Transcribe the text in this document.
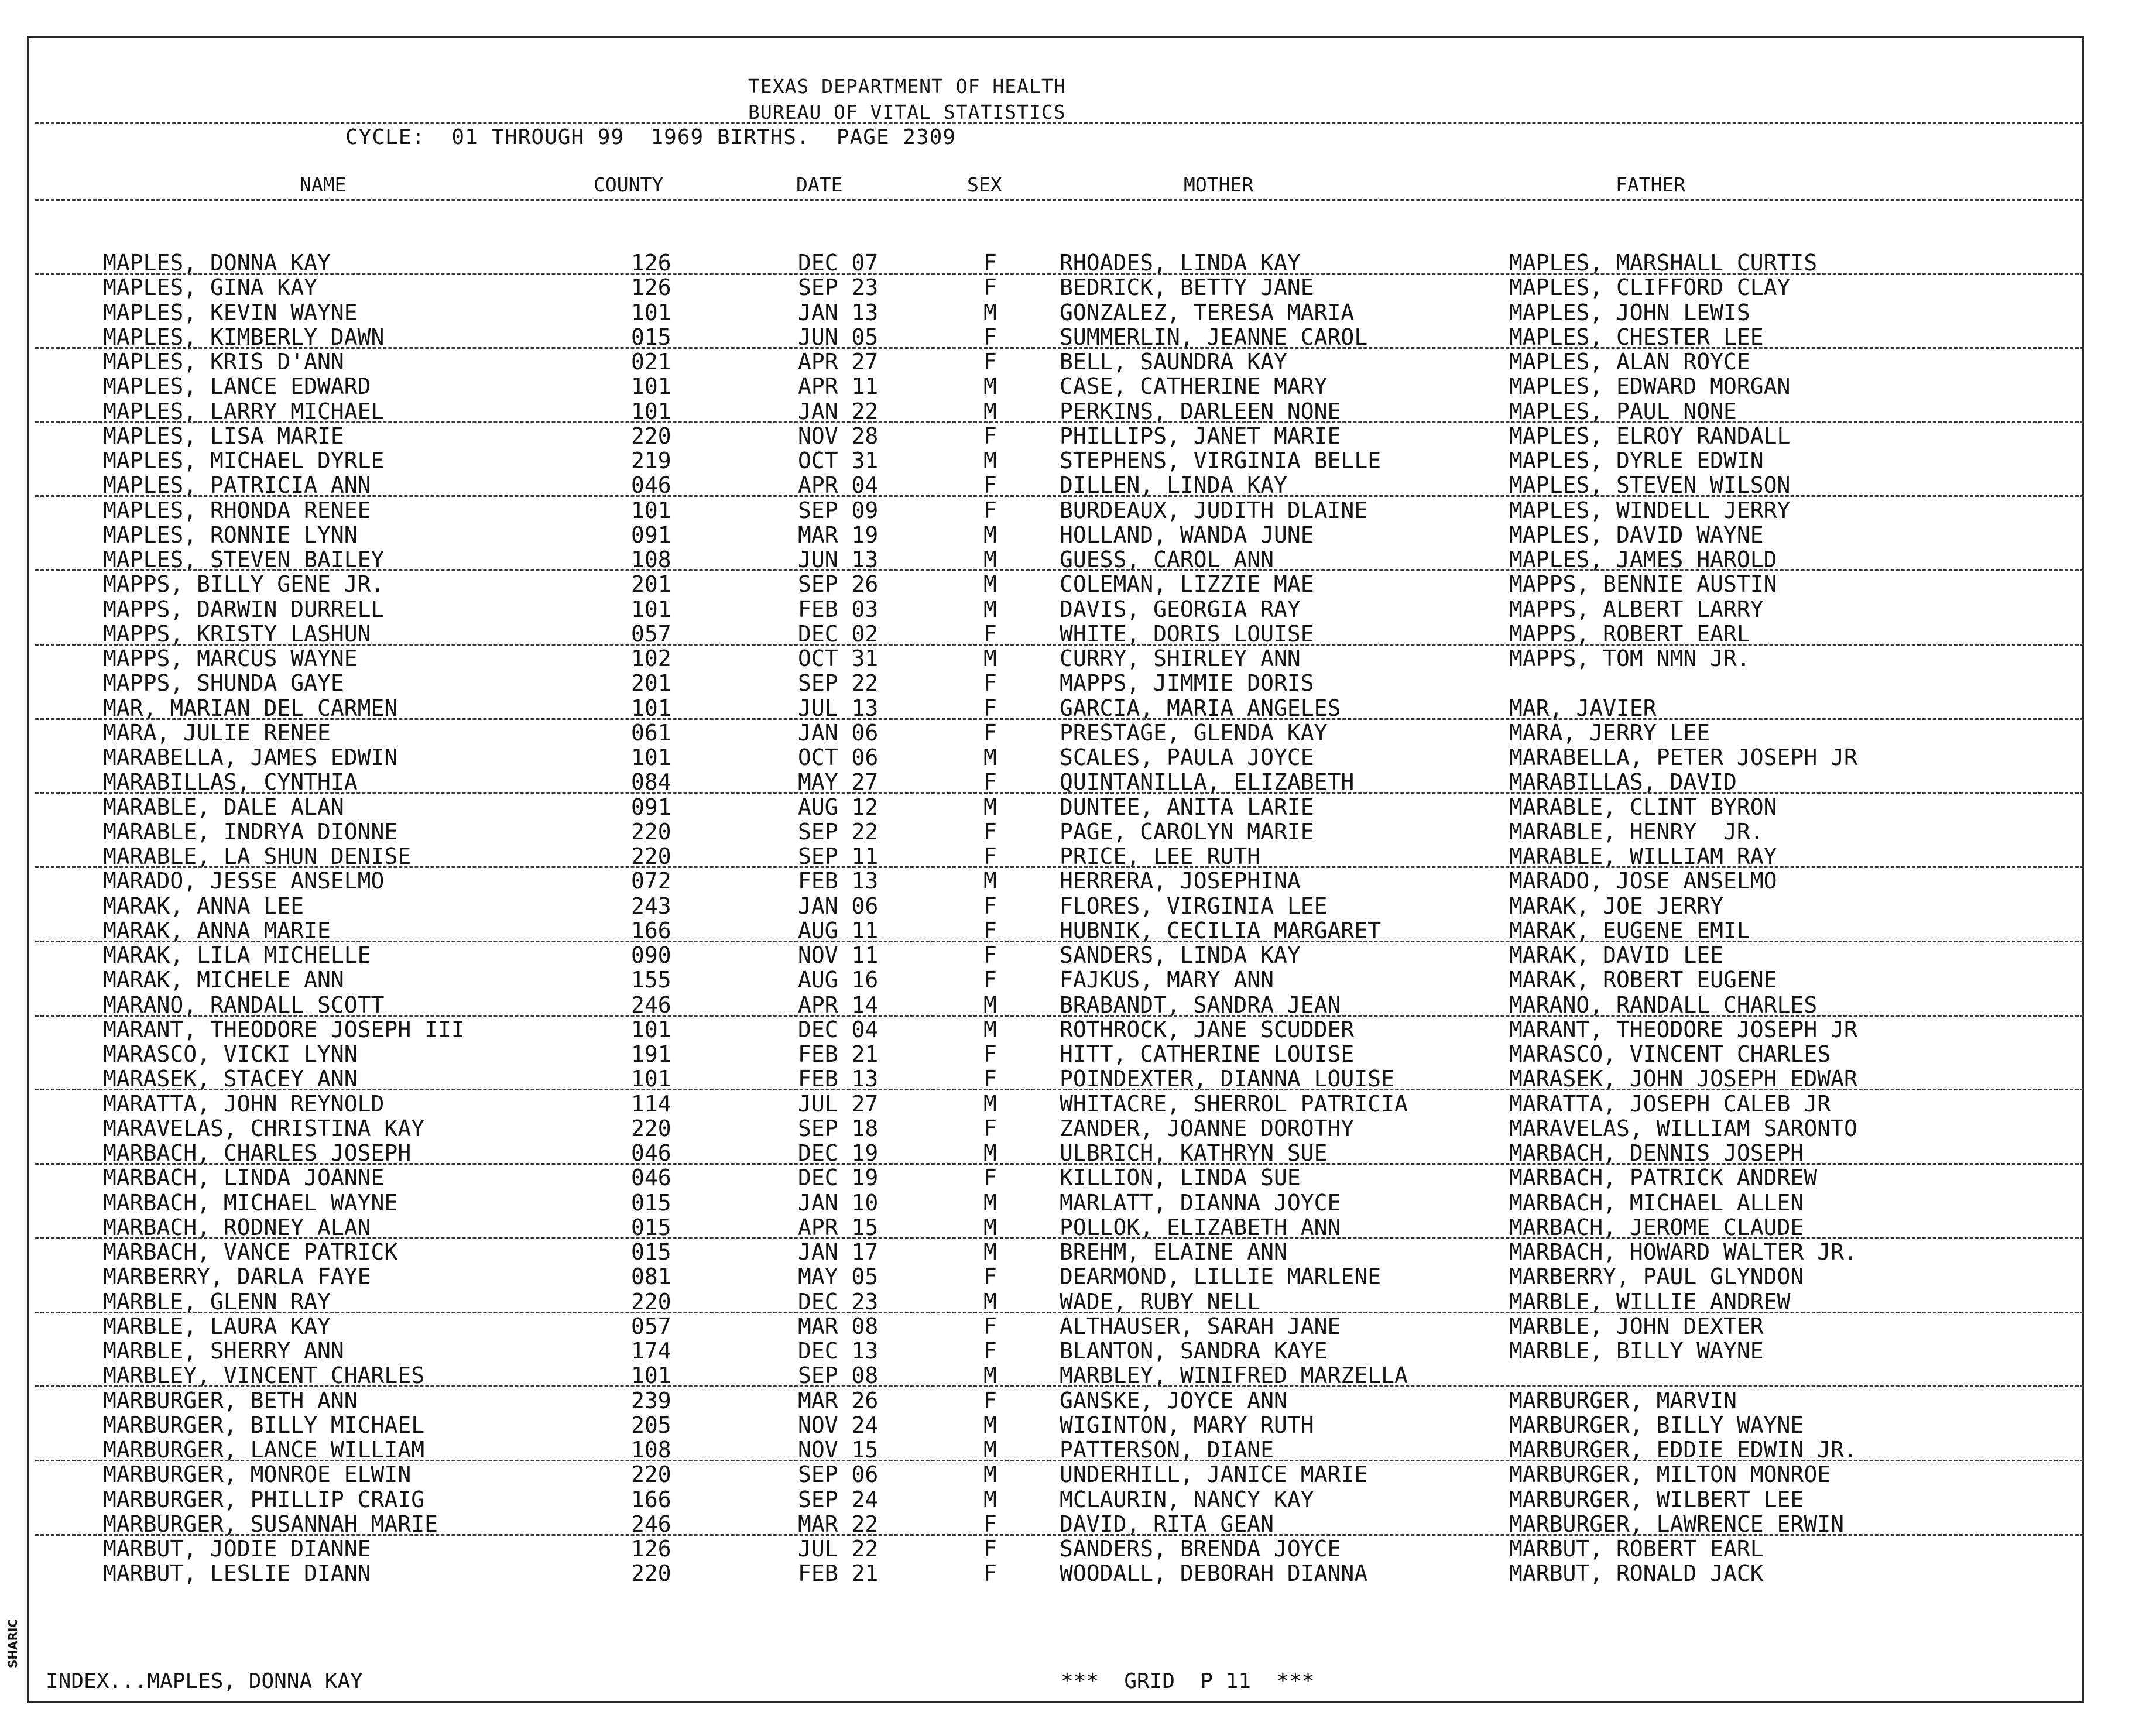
TEXAS DEPARTMENT OF HEALTH
BUREAU OF VITAL STATISTICS
CYCLE:  01 THROUGH 99  1969 BIRTHS.  PAGE 2309
NAME	COUNTY	DATE	SEX	MOTHER	FATHER
MAPLES, DONNA KAY	126	DEC 07	F	RHOADES, LINDA KAY	MAPLES, MARSHALL CURTIS
MAPLES, GINA KAY	126	SEP 23	F	BEDRICK, BETTY JANE	MAPLES, CLIFFORD CLAY
MAPLES, KEVIN WAYNE	101	JAN 13	M	GONZALEZ, TERESA MARIA	MAPLES, JOHN LEWIS
MAPLES, KIMBERLY DAWN	015	JUN 05	F	SUMMERLIN, JEANNE CAROL	MAPLES, CHESTER LEE
MAPLES, KRIS D'ANN	021	APR 27	F	BELL, SAUNDRA KAY	MAPLES, ALAN ROYCE
MAPLES, LANCE EDWARD	101	APR 11	M	CASE, CATHERINE MARY	MAPLES, EDWARD MORGAN
MAPLES, LARRY MICHAEL	101	JAN 22	M	PERKINS, DARLEEN NONE	MAPLES, PAUL NONE
MAPLES, LISA MARIE	220	NOV 28	F	PHILLIPS, JANET MARIE	MAPLES, ELROY RANDALL
MAPLES, MICHAEL DYRLE	219	OCT 31	M	STEPHENS, VIRGINIA BELLE	MAPLES, DYRLE EDWIN
MAPLES, PATRICIA ANN	046	APR 04	F	DILLEN, LINDA KAY	MAPLES, STEVEN WILSON
MAPLES, RHONDA RENEE	101	SEP 09	F	BURDEAUX, JUDITH DLAINE	MAPLES, WINDELL JERRY
MAPLES, RONNIE LYNN	091	MAR 19	M	HOLLAND, WANDA JUNE	MAPLES, DAVID WAYNE
MAPLES, STEVEN BAILEY	108	JUN 13	M	GUESS, CAROL ANN	MAPLES, JAMES HAROLD
MAPPS, BILLY GENE JR.	201	SEP 26	M	COLEMAN, LIZZIE MAE	MAPPS, BENNIE AUSTIN
MAPPS, DARWIN DURRELL	101	FEB 03	M	DAVIS, GEORGIA RAY	MAPPS, ALBERT LARRY
MAPPS, KRISTY LASHUN	057	DEC 02	F	WHITE, DORIS LOUISE	MAPPS, ROBERT EARL
MAPPS, MARCUS WAYNE	102	OCT 31	M	CURRY, SHIRLEY ANN	MAPPS, TOM NMN JR.
MAPPS, SHUNDA GAYE	201	SEP 22	F	MAPPS, JIMMIE DORIS
MAR, MARIAN DEL CARMEN	101	JUL 13	F	GARCIA, MARIA ANGELES	MAR, JAVIER
MARA, JULIE RENEE	061	JAN 06	F	PRESTAGE, GLENDA KAY	MARA, JERRY LEE
MARABELLA, JAMES EDWIN	101	OCT 06	M	SCALES, PAULA JOYCE	MARABELLA, PETER JOSEPH JR
MARABILLAS, CYNTHIA	084	MAY 27	F	QUINTANILLA, ELIZABETH	MARABILLAS, DAVID
MARABLE, DALE ALAN	091	AUG 12	M	DUNTEE, ANITA LARIE	MARABLE, CLINT BYRON
MARABLE, INDRYA DIONNE	220	SEP 22	F	PAGE, CAROLYN MARIE	MARABLE, HENRY  JR.
MARABLE, LA SHUN DENISE	220	SEP 11	F	PRICE, LEE RUTH	MARABLE, WILLIAM RAY
MARADO, JESSE ANSELMO	072	FEB 13	M	HERRERA, JOSEPHINA	MARADO, JOSE ANSELMO
MARAK, ANNA LEE	243	JAN 06	F	FLORES, VIRGINIA LEE	MARAK, JOE JERRY
MARAK, ANNA MARIE	166	AUG 11	F	HUBNIK, CECILIA MARGARET	MARAK, EUGENE EMIL
MARAK, LILA MICHELLE	090	NOV 11	F	SANDERS, LINDA KAY	MARAK, DAVID LEE
MARAK, MICHELE ANN	155	AUG 16	F	FAJKUS, MARY ANN	MARAK, ROBERT EUGENE
MARANO, RANDALL SCOTT	246	APR 14	M	BRABANDT, SANDRA JEAN	MARANO, RANDALL CHARLES
MARANT, THEODORE JOSEPH III	101	DEC 04	M	ROTHROCK, JANE SCUDDER	MARANT, THEODORE JOSEPH JR
MARASCO, VICKI LYNN	191	FEB 21	F	HITT, CATHERINE LOUISE	MARASCO, VINCENT CHARLES
MARASEK, STACEY ANN	101	FEB 13	F	POINDEXTER, DIANNA LOUISE	MARASEK, JOHN JOSEPH EDWAR
MARATTA, JOHN REYNOLD	114	JUL 27	M	WHITACRE, SHERROL PATRICIA	MARATTA, JOSEPH CALEB JR
MARAVELAS, CHRISTINA KAY	220	SEP 18	F	ZANDER, JOANNE DOROTHY	MARAVELAS, WILLIAM SARONTO
MARBACH, CHARLES JOSEPH	046	DEC 19	M	ULBRICH, KATHRYN SUE	MARBACH, DENNIS JOSEPH
MARBACH, LINDA JOANNE	046	DEC 19	F	KILLION, LINDA SUE	MARBACH, PATRICK ANDREW
MARBACH, MICHAEL WAYNE	015	JAN 10	M	MARLATT, DIANNA JOYCE	MARBACH, MICHAEL ALLEN
MARBACH, RODNEY ALAN	015	APR 15	M	POLLOK, ELIZABETH ANN	MARBACH, JEROME CLAUDE
MARBACH, VANCE PATRICK	015	JAN 17	M	BREHM, ELAINE ANN	MARBACH, HOWARD WALTER JR.
MARBERRY, DARLA FAYE	081	MAY 05	F	DEARMOND, LILLIE MARLENE	MARBERRY, PAUL GLYNDON
MARBLE, GLENN RAY	220	DEC 23	M	WADE, RUBY NELL	MARBLE, WILLIE ANDREW
MARBLE, LAURA KAY	057	MAR 08	F	ALTHAUSER, SARAH JANE	MARBLE, JOHN DEXTER
MARBLE, SHERRY ANN	174	DEC 13	F	BLANTON, SANDRA KAYE	MARBLE, BILLY WAYNE
MARBLEY, VINCENT CHARLES	101	SEP 08	M	MARBLEY, WINIFRED MARZELLA
MARBURGER, BETH ANN	239	MAR 26	F	GANSKE, JOYCE ANN	MARBURGER, MARVIN
MARBURGER, BILLY MICHAEL	205	NOV 24	M	WIGINTON, MARY RUTH	MARBURGER, BILLY WAYNE
MARBURGER, LANCE WILLIAM	108	NOV 15	M	PATTERSON, DIANE	MARBURGER, EDDIE EDWIN JR.
MARBURGER, MONROE ELWIN	220	SEP 06	M	UNDERHILL, JANICE MARIE	MARBURGER, MILTON MONROE
MARBURGER, PHILLIP CRAIG	166	SEP 24	M	MCLAURIN, NANCY KAY	MARBURGER, WILBERT LEE
MARBURGER, SUSANNAH MARIE	246	MAR 22	F	DAVID, RITA GEAN	MARBURGER, LAWRENCE ERWIN
MARBUT, JODIE DIANNE	126	JUL 22	F	SANDERS, BRENDA JOYCE	MARBUT, ROBERT EARL
MARBUT, LESLIE DIANN	220	FEB 21	F	WOODALL, DEBORAH DIANNA	MARBUT, RONALD JACK
INDEX...MAPLES, DONNA KAY	***  GRID  P 11  ***
SHARIC
